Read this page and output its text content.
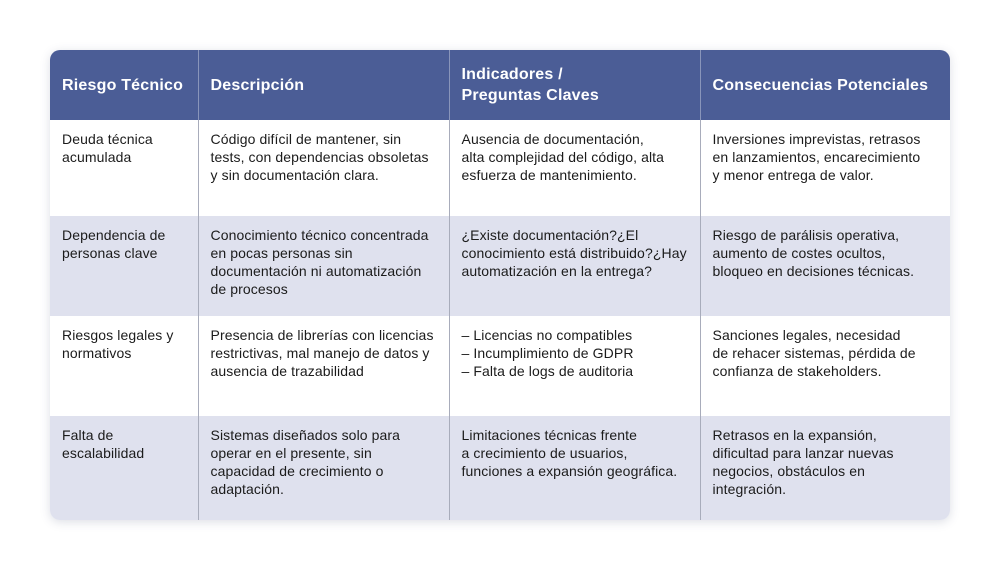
Riesgo Técnico	Descripción	Indicadores /
Preguntas Claves	Consecuencias Potenciales
Deuda técnica acumulada	Código difícil de mantener, sin tests, con dependencias obsoletas y sin documentación clara.	Ausencia de documentación,
alta complejidad del código, alta esfuerza de mantenimiento.	Inversiones imprevistas, retrasos
en lanzamientos, encarecimiento
y menor entrega de valor.

Dependencia de personas clave	Conocimiento técnico concentrada en pocas personas sin documentación ni automatización de procesos	¿Existe documentación?¿El conocimiento está distribuido?¿Hay automatización en la entrega?	Riesgo de parálisis operativa,
aumento de costes ocultos,
bloqueo en decisiones técnicas.

Riesgos legales y normativos	Presencia de librerías con licencias restrictivas, mal manejo de datos y ausencia de trazabilidad	– Licencias no compatibles
– Incumplimiento de GDPR
– Falta de logs de auditoria	Sanciones legales, necesidad
de rehacer sistemas, pérdida de
confianza de stakeholders.

Falta de escalabilidad	Sistemas diseñados solo para operar en el presente, sin capacidad de crecimiento o adaptación.	Limitaciones técnicas frente
a crecimiento de usuarios,
funciones a expansión geográfica.	Retrasos en la expansión,
dificultad para lanzar nuevas
negocios, obstáculos en
integración.
